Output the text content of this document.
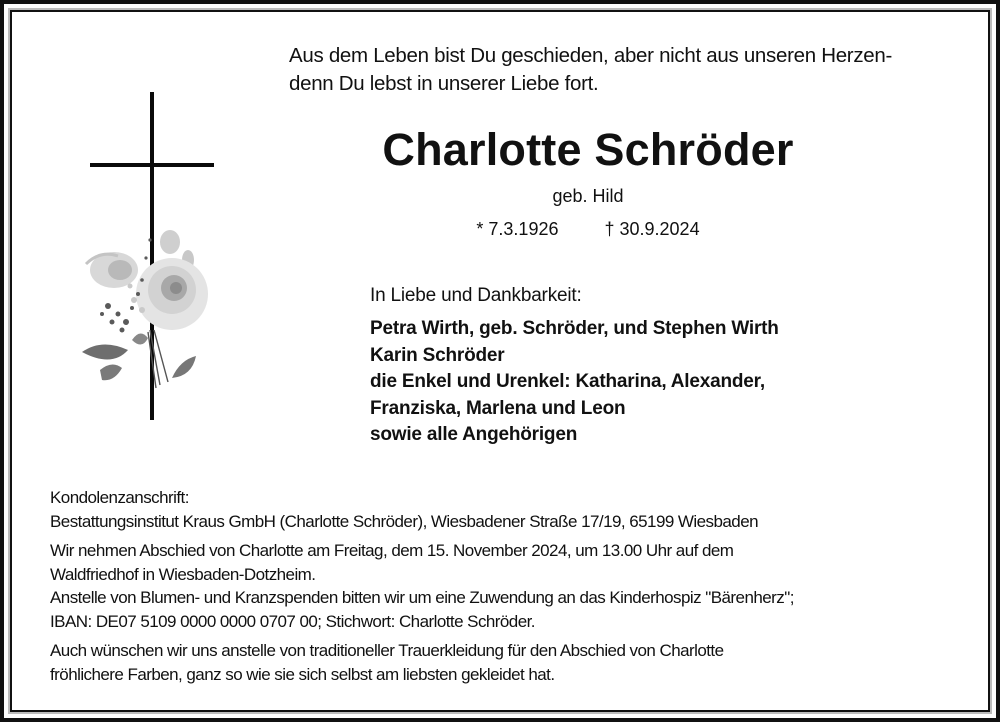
Aus dem Leben bist Du geschieden, aber nicht aus unseren Herzen-
denn Du lebst in unserer Liebe fort.
Charlotte Schröder
geb. Hild
* 7.3.1926	† 30.9.2024
In Liebe und Dankbarkeit:
Petra Wirth, geb. Schröder, und Stephen Wirth
Karin Schröder
die Enkel und Urenkel: Katharina, Alexander,
Franziska, Marlena und Leon
sowie alle Angehörigen
Kondolenzanschrift:
Bestattungsinstitut Kraus GmbH (Charlotte Schröder), Wiesbadener Straße 17/19, 65199 Wiesbaden
Wir nehmen Abschied von Charlotte am Freitag, dem 15. November 2024, um 13.00 Uhr auf dem
Waldfriedhof in Wiesbaden-Dotzheim.
Anstelle von Blumen- und Kranzspenden bitten wir um eine Zuwendung an das Kinderhospiz "Bärenherz";
IBAN: DE07 5109 0000 0000 0707 00; Stichwort: Charlotte Schröder.
Auch wünschen wir uns anstelle von traditioneller Trauerkleidung für den Abschied von Charlotte
fröhlichere Farben, ganz so wie sie sich selbst am liebsten gekleidet hat.
